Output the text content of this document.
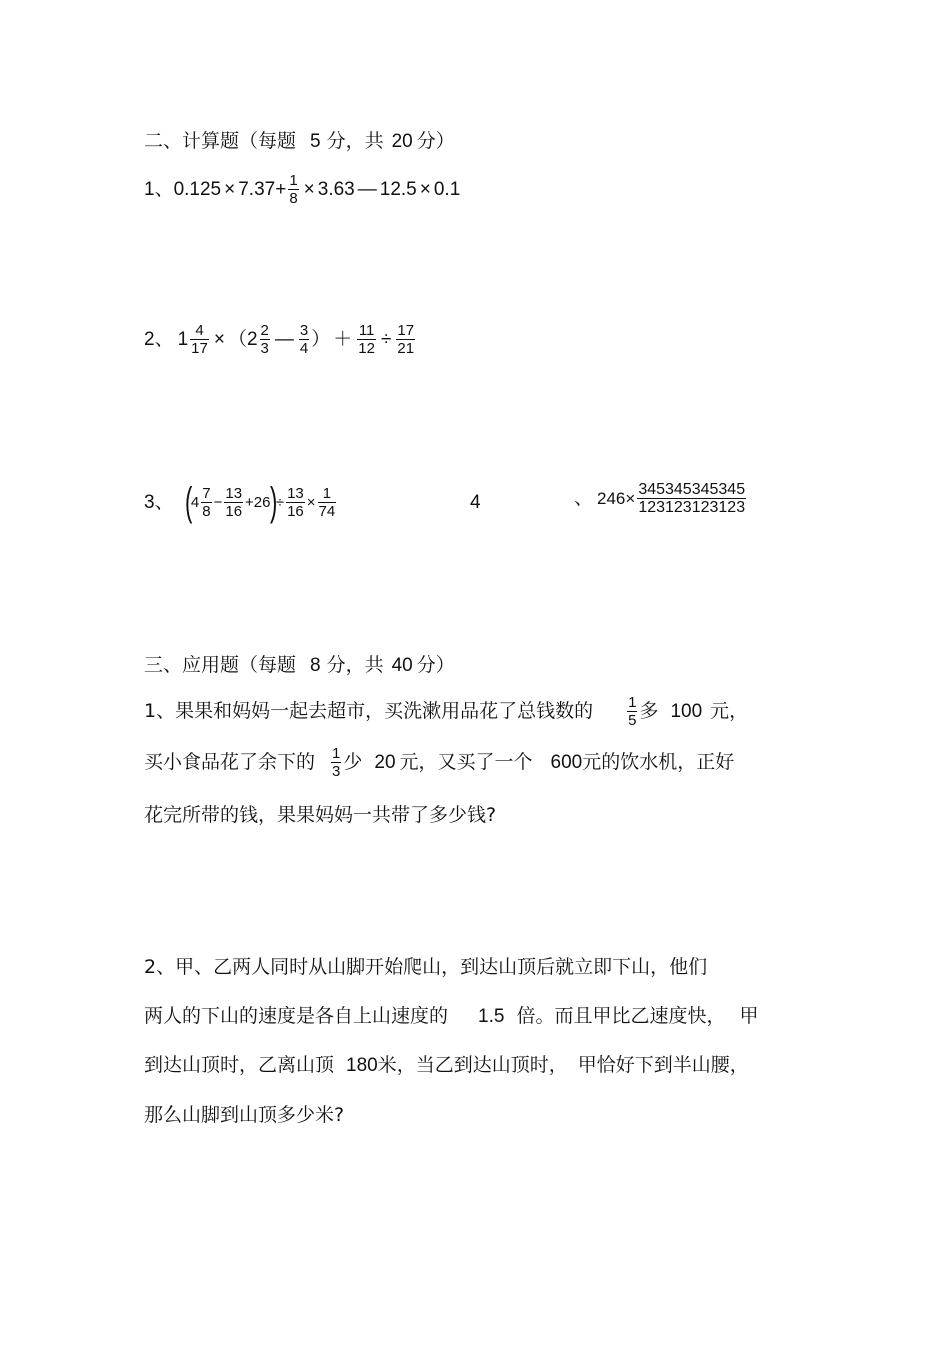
二、计算题（每题 5 分，共 20 分）
1、 $0.125 \times 7.37+ \frac{1}{8} \times 3.63$ — 12.5 × 0.1
2、 $1 \frac{4}{17}$ × （ $2 \frac{2}{3}$ — $\frac{3}{4}$ ） ＋ $\frac{11}{12} \div \frac{17}{21}$
3、 (
$4 \frac{7}{8} - \frac{13}{16} +26$
)
÷ $\frac{13}{16} \times \frac{1}{74}$	4	、 $246\times \frac{345345345345}{123123123123}$
三、应用题（每题 8 分，共 40 分）
1、果果和妈妈一起去超市，买洗漱用品花了总钱数的 $\frac{1}{5}$ 多 100 元，
买小食品花了余下的 $\frac{1}{3}$ 少 20 元，又买了一个 600 元的饮水机，正好
花完所带的钱，果果妈妈一共带了多少钱?
2、甲、乙两人同时从山脚开始爬山，到达山顶后就立即下山，他们
两人的下山的速度是各自上山速度的 1.5 倍。而且甲比乙速度快， 甲
到达山顶时，乙离山顶 180 米，当乙到达山顶时， 甲恰好下到半山腰，
那么山脚到山顶多少米?
